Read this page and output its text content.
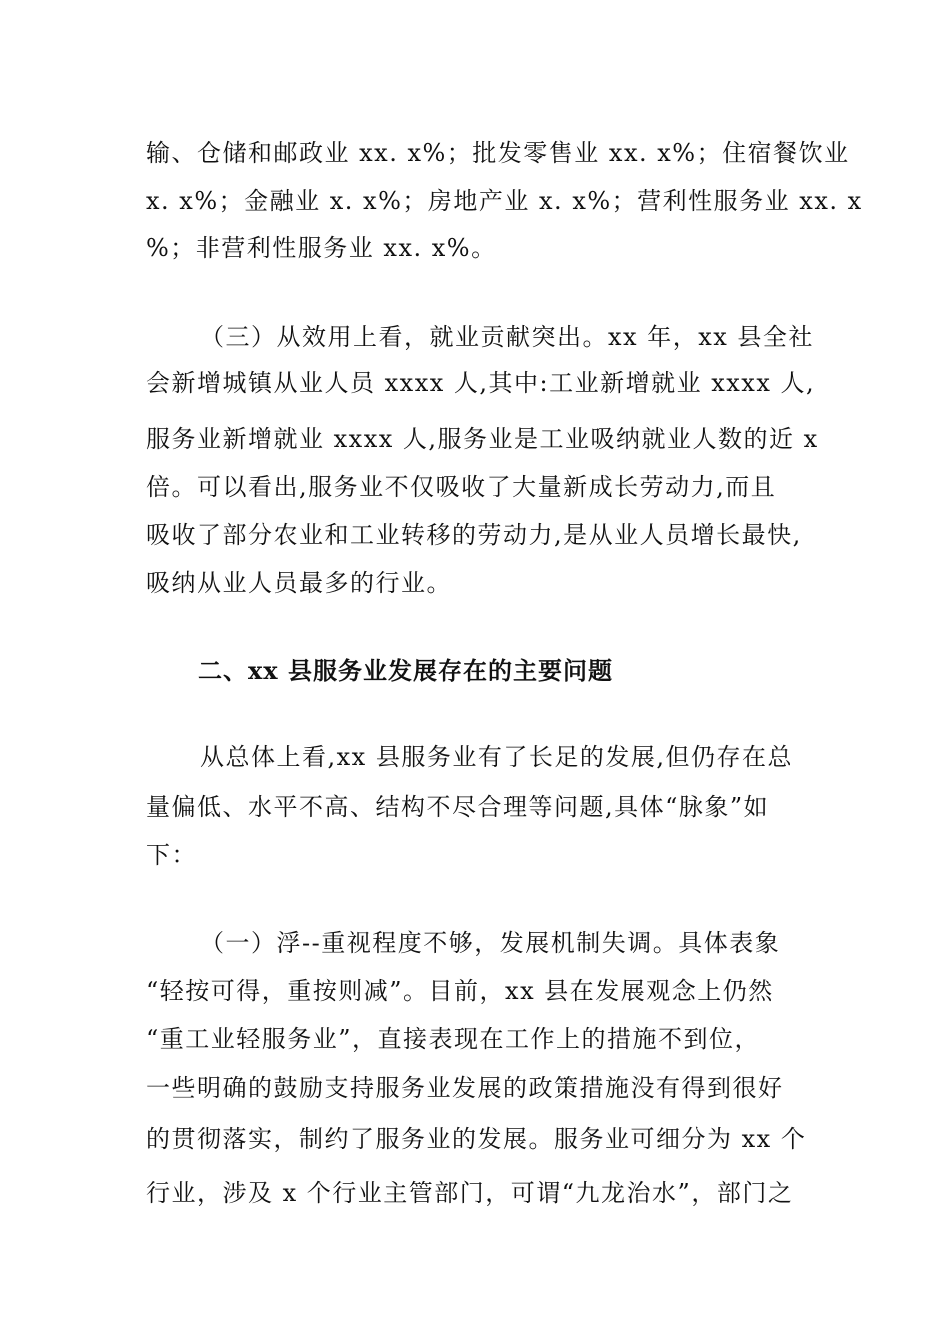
输、仓储和邮政业 xx. x%；批发零售业 xx. x%；住宿餐饮业
x. x%；金融业 x. x%；房地产业 x. x%；营利性服务业 xx. x
%；非营利性服务业 xx. x%。
（三）从效用上看，就业贡献突出。xx 年，xx 县全社
会新增城镇从业人员 xxxx 人,其中:工业新增就业 xxxx 人,
服务业新增就业 xxxx 人,服务业是工业吸纳就业人数的近 x
倍。可以看出,服务业不仅吸收了大量新成长劳动力,而且
吸收了部分农业和工业转移的劳动力,是从业人员增长最快,
吸纳从业人员最多的行业。
二、xx 县服务业发展存在的主要问题
从总体上看,xx 县服务业有了长足的发展,但仍存在总
量偏低、水平不高、结构不尽合理等问题,具体“脉象”如
下：
（一）浮--重视程度不够，发展机制失调。具体表象
“轻按可得，重按则减”。目前，xx 县在发展观念上仍然
“重工业轻服务业”，直接表现在工作上的措施不到位，
一些明确的鼓励支持服务业发展的政策措施没有得到很好
的贯彻落实，制约了服务业的发展。服务业可细分为 xx 个
行业，涉及 x 个行业主管部门，可谓“九龙治水”，部门之
